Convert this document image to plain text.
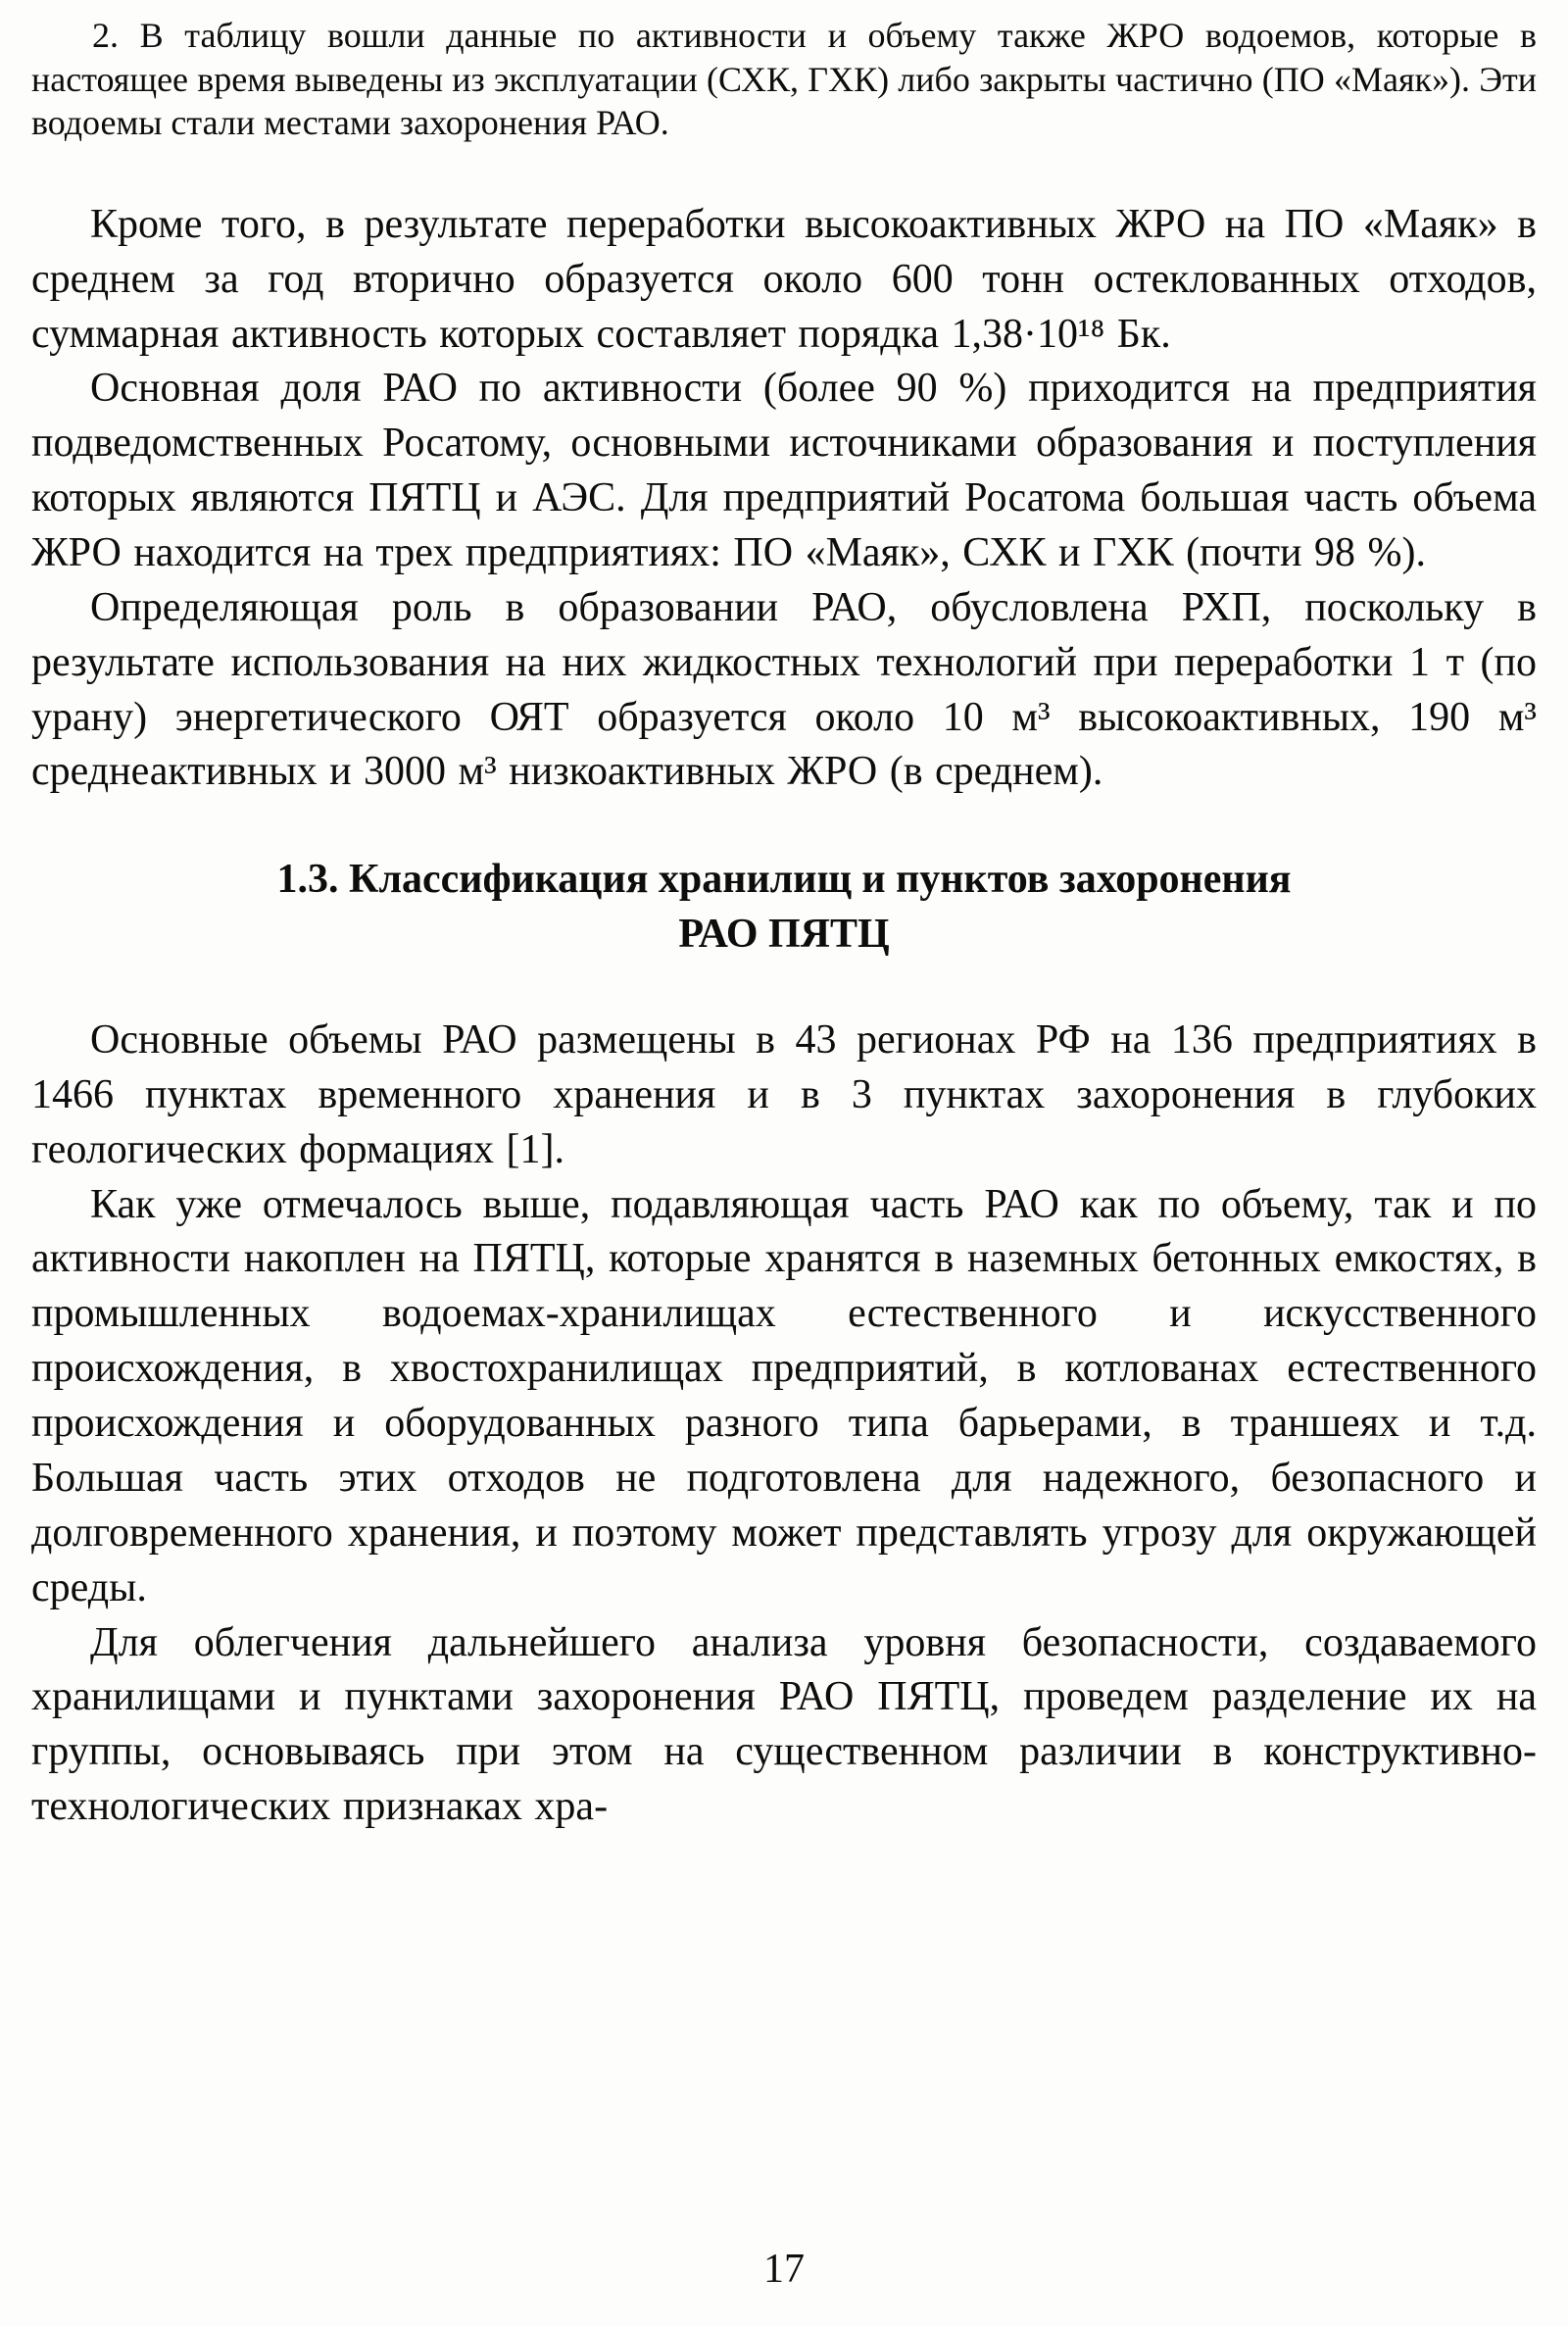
2. В таблицу вошли данные по активности и объему также ЖРО водоемов, которые в настоящее время выведены из эксплуатации (СХК, ГХК) либо закрыты частично (ПО «Маяк»). Эти водоемы стали местами захоронения РАО.

Кроме того, в результате переработки высокоактивных ЖРО на ПО «Маяк» в среднем за год вторично образуется около 600 тонн остеклованных отходов, суммарная активность которых составляет порядка 1,38·10¹⁸ Бк.

Основная доля РАО по активности (более 90 %) приходится на предприятия подведомственных Росатому, основными источниками образования и поступления которых являются ПЯТЦ и АЭС. Для предприятий Росатома большая часть объема ЖРО находится на трех предприятиях: ПО «Маяк», СХК и ГХК (почти 98 %).

Определяющая роль в образовании РАО, обусловлена РХП, поскольку в результате использования на них жидкостных технологий при переработки 1 т (по урану) энергетического ОЯТ образуется около 10 м³ высокоактивных, 190 м³ среднеактивных и 3000 м³ низкоактивных ЖРО (в среднем).

1.3. Классификация хранилищ и пунктов захоронения
РАО ПЯТЦ

Основные объемы РАО размещены в 43 регионах РФ на 136 предприятиях в 1466 пунктах временного хранения и в 3 пунктах захоронения в глубоких геологических формациях [1].

Как уже отмечалось выше, подавляющая часть РАО как по объему, так и по активности накоплен на ПЯТЦ, которые хранятся в наземных бетонных емкостях, в промышленных водоемах-хранилищах естественного и искусственного происхождения, в хвостохранилищах предприятий, в котлованах естественного происхождения и оборудованных разного типа барьерами, в траншеях и т.д. Большая часть этих отходов не подготовлена для надежного, безопасного и долговременного хранения, и поэтому может представлять угрозу для окружающей среды.

Для облегчения дальнейшего анализа уровня безопасности, создаваемого хранилищами и пунктами захоронения РАО ПЯТЦ, проведем разделение их на группы, основываясь при этом на существенном различии в конструктивно-технологических признаках хра-

17
